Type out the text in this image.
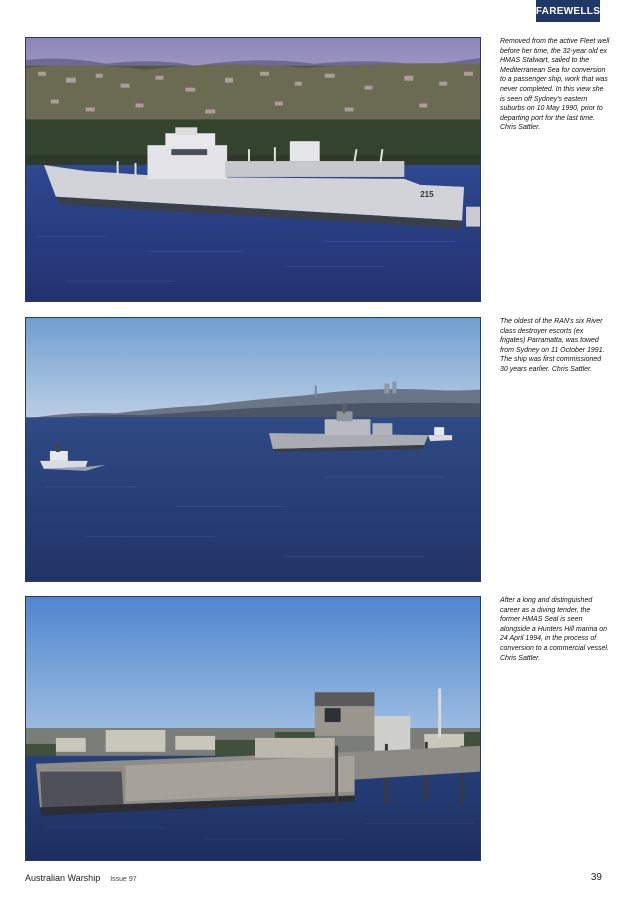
FAREWELLS
215
Removed from the active Fleet well before her time, the 32-year old ex HMAS Stalwart, sailed to the Mediterranean Sea for conversion to a passenger ship, work that was never completed. In this view she is seen off Sydney's eastern suburbs on 10 May 1990, prior to departing port for the last time. Chris Sattler.
The oldest of the RAN's six River class destroyer escorts (ex frigates) Parramatta, was towed from Sydney on 11 October 1991. The ship was first commissioned 30 years earlier. Chris Sattler.
After a long and distinguished career as a diving tender, the former HMAS Seal is seen alongside a Hunters Hill marina on 24 April 1994, in the process of conversion to a commercial vessel. Chris Sattler.
Australian Warship Issue 97	39
